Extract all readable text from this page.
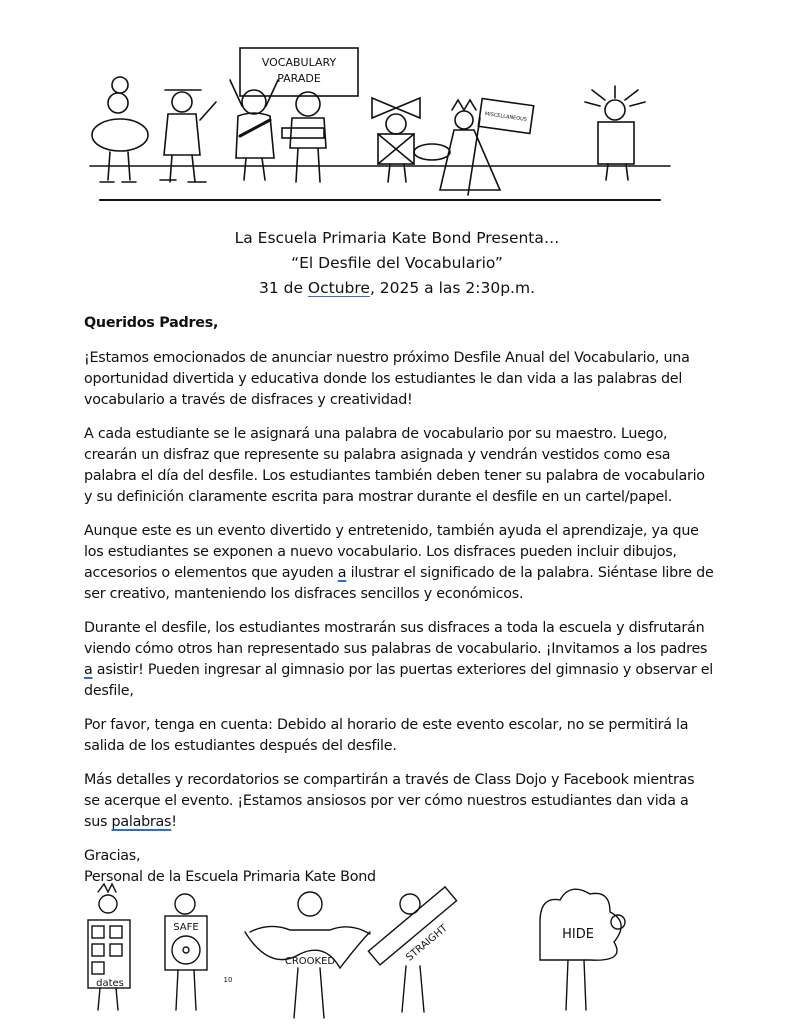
VOCABULARY
PARADE
MISCELLANEOUS
La Escuela Primaria Kate Bond Presenta…
“El Desfile del Vocabulario”
31 de Octubre, 2025 a las 2:30p.m.
Queridos Padres,

¡Estamos emocionados de anunciar nuestro próximo Desfile Anual del Vocabulario, una oportunidad divertida y educativa donde los estudiantes le dan vida a las palabras del vocabulario a través de disfraces y creatividad!

A cada estudiante se le asignará una palabra de vocabulario por su maestro. Luego, crearán un disfraz que represente su palabra asignada y vendrán vestidos como esa palabra el día del desfile. Los estudiantes también deben tener su palabra de vocabulario y su definición claramente escrita para mostrar durante el desfile en un cartel/papel.

Aunque este es un evento divertido y entretenido, también ayuda el aprendizaje, ya que los estudiantes se exponen a nuevo vocabulario. Los disfraces pueden incluir dibujos, accesorios o elementos que ayuden a ilustrar el significado de la palabra. Siéntase libre de ser creativo, manteniendo los disfraces sencillos y económicos.

Durante el desfile, los estudiantes mostrarán sus disfraces a toda la escuela y disfrutarán viendo cómo otros han representado sus palabras de vocabulario. ¡Invitamos a los padres a asistir! Pueden ingresar al gimnasio por las puertas exteriores del gimnasio y observar el desfile,

Por favor, tenga en cuenta: Debido al horario de este evento escolar, no se permitirá la salida de los estudiantes después del desfile.

Más detalles y recordatorios se compartirán a través de Class Dojo y Facebook mientras se acerque el evento. ¡Estamos ansiosos por ver cómo nuestros estudiantes dan vida a sus palabras!

Gracias,

Personal de la Escuela Primaria Kate Bond

dates
SAFE
CROOKED	STRAIGHT	HIDE
10
